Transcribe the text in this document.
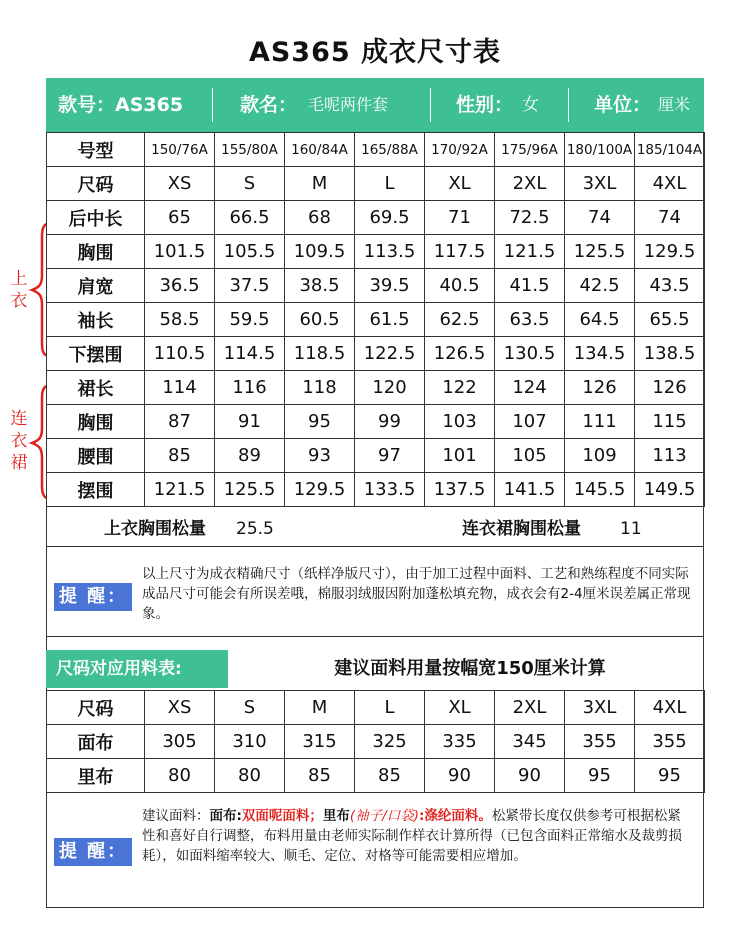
AS365 成衣尺寸表
款号：AS365	款名： 毛呢两件套	性别： 女	单位： 厘米
号型	150/76A	155/80A	160/84A	165/88A	170/92A	175/96A	180/100A	185/104A
尺码	XS	S	M	L	XL	2XL	3XL	4XL
后中长	65	66.5	68	69.5	71	72.5	74	74
胸围	101.5	105.5	109.5	113.5	117.5	121.5	125.5	129.5
肩宽	36.5	37.5	38.5	39.5	40.5	41.5	42.5	43.5
袖长	58.5	59.5	60.5	61.5	62.5	63.5	64.5	65.5
下摆围	110.5	114.5	118.5	122.5	126.5	130.5	134.5	138.5
裙长	114	116	118	120	122	124	126	126
胸围	87	91	95	99	103	107	111	115
腰围	85	89	93	97	101	105	109	113
摆围	121.5	125.5	129.5	133.5	137.5	141.5	145.5	149.5
上衣
连衣裙
上衣胸围松量 25.5	连衣裙胸围松量 11
提 醒：
以上尺寸为成衣精确尺寸（纸样净版尺寸），由于加工过程中面料、工艺和熟练程度不同实际成品尺寸可能会有所误差哦，棉服羽绒服因附加蓬松填充物，成衣会有2-4厘米误差属正常现象。
尺码对应用料表:	建议面料用量按幅宽150厘米计算
尺码	XS	S	M	L	XL	2XL	3XL	4XL
面布	305	310	315	325	335	345	355	355
里布	80	80	85	85	90	90	95	95
提 醒：
建议面料：面布:双面呢面料；里布(袖子/口袋):涤纶面料。松紧带长度仅供参考可根据松紧性和喜好自行调整，布料用量由老师实际制作样衣计算所得（已包含面料正常缩水及裁剪损耗），如面料缩率较大、顺毛、定位、对格等可能需要相应增加。
